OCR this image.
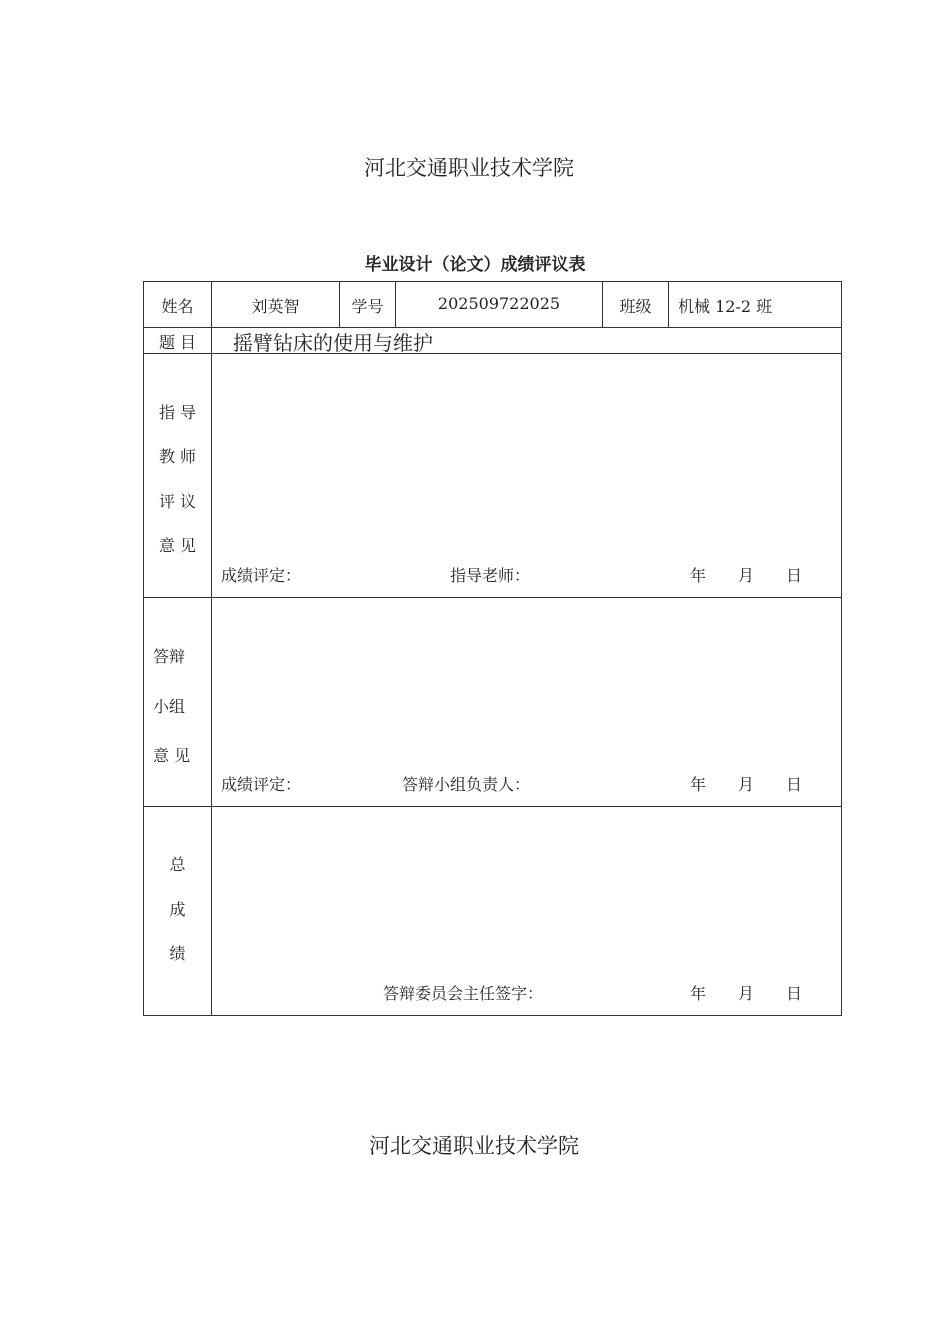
河北交通职业技术学院
毕业设计（论文）成绩评议表
姓名	刘英智	学号	202509722025	班级	机械 12-2 班
题 目	摇臂钻床的使用与维护
指 导
教 师
评 议
意 见
成绩评定：	指导老师：	年 月 日
答辩
小组
意 见
成绩评定：	答辩小组负责人：	年 月 日
总
成
绩
答辩委员会主任签字：	年 月 日
河北交通职业技术学院
